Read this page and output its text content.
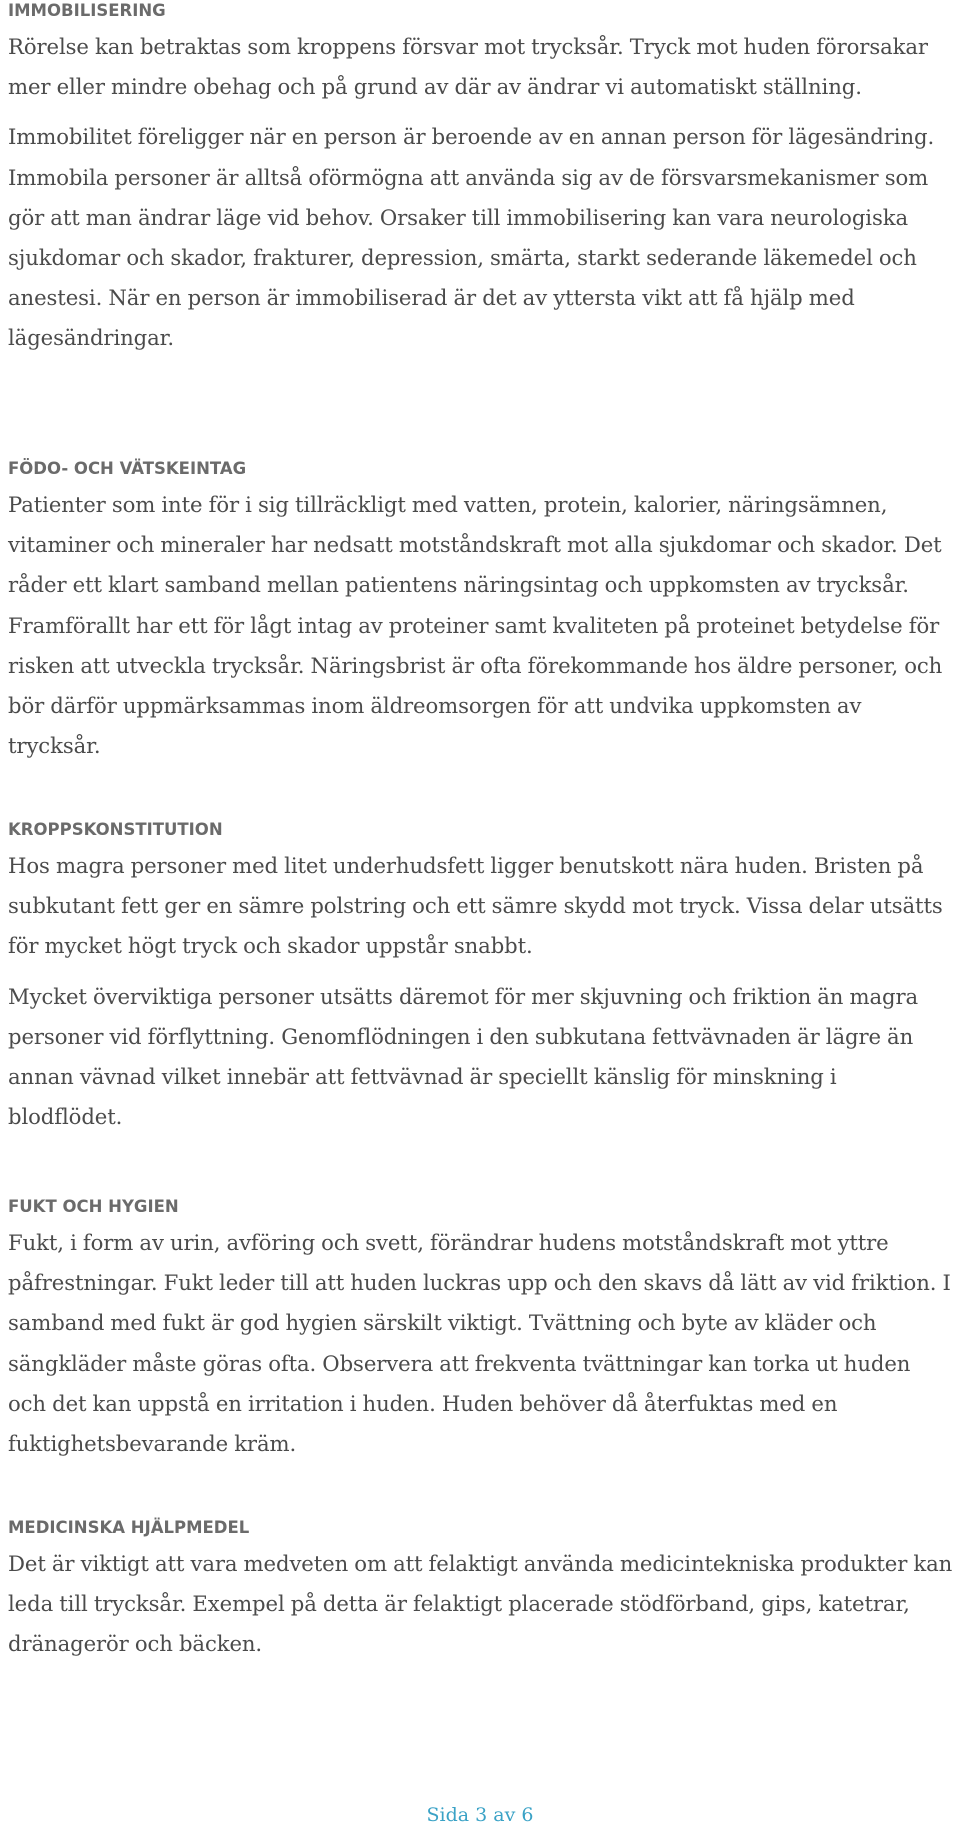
IMMOBILISERING

Rörelse kan betraktas som kroppens försvar mot trycksår. Tryck mot huden förorsakar mer eller mindre obehag och på grund av där av ändrar vi automatiskt ställning.

Immobilitet föreligger när en person är beroende av en annan person för lägesändring. Immobila personer är alltså oförmögna att använda sig av de försvarsmekanismer som gör att man ändrar läge vid behov. Orsaker till immobilisering kan vara neurologiska sjukdomar och skador, frakturer, depression, smärta, starkt sederande läkemedel och anestesi. När en person är immobiliserad är det av yttersta vikt att få hjälp med lägesändringar.

FÖDO- OCH VÄTSKEINTAG

Patienter som inte för i sig tillräckligt med vatten, protein, kalorier, näringsämnen, vitaminer och mineraler har nedsatt motståndskraft mot alla sjukdomar och skador. Det råder ett klart samband mellan patientens näringsintag och uppkomsten av trycksår. Framförallt har ett för lågt intag av proteiner samt kvaliteten på proteinet betydelse för risken att utveckla trycksår. Näringsbrist är ofta förekommande hos äldre personer, och bör därför uppmärksammas inom äldreomsorgen för att undvika uppkomsten av trycksår.

KROPPSKONSTITUTION

Hos magra personer med litet underhudsfett ligger benutskott nära huden. Bristen på subkutant fett ger en sämre polstring och ett sämre skydd mot tryck. Vissa delar utsätts för mycket högt tryck och skador uppstår snabbt.

Mycket överviktiga personer utsätts däremot för mer skjuvning och friktion än magra personer vid förflyttning. Genomflödningen i den subkutana fettvävnaden är lägre än annan vävnad vilket innebär att fettvävnad är speciellt känslig för minskning i blodflödet.

FUKT OCH HYGIEN

Fukt, i form av urin, avföring och svett, förändrar hudens motståndskraft mot yttre påfrestningar. Fukt leder till att huden luckras upp och den skavs då lätt av vid friktion. I samband med fukt är god hygien särskilt viktigt. Tvättning och byte av kläder och sängkläder måste göras ofta. Observera att frekventa tvättningar kan torka ut huden och det kan uppstå en irritation i huden. Huden behöver då återfuktas med en fuktighetsbevarande kräm.

MEDICINSKA HJÄLPMEDEL

Det är viktigt att vara medveten om att felaktigt använda medicintekniska produkter kan leda till trycksår. Exempel på detta är felaktigt placerade stödförband, gips, katetrar, dränagerör och bäcken.

Sida 3 av 6
